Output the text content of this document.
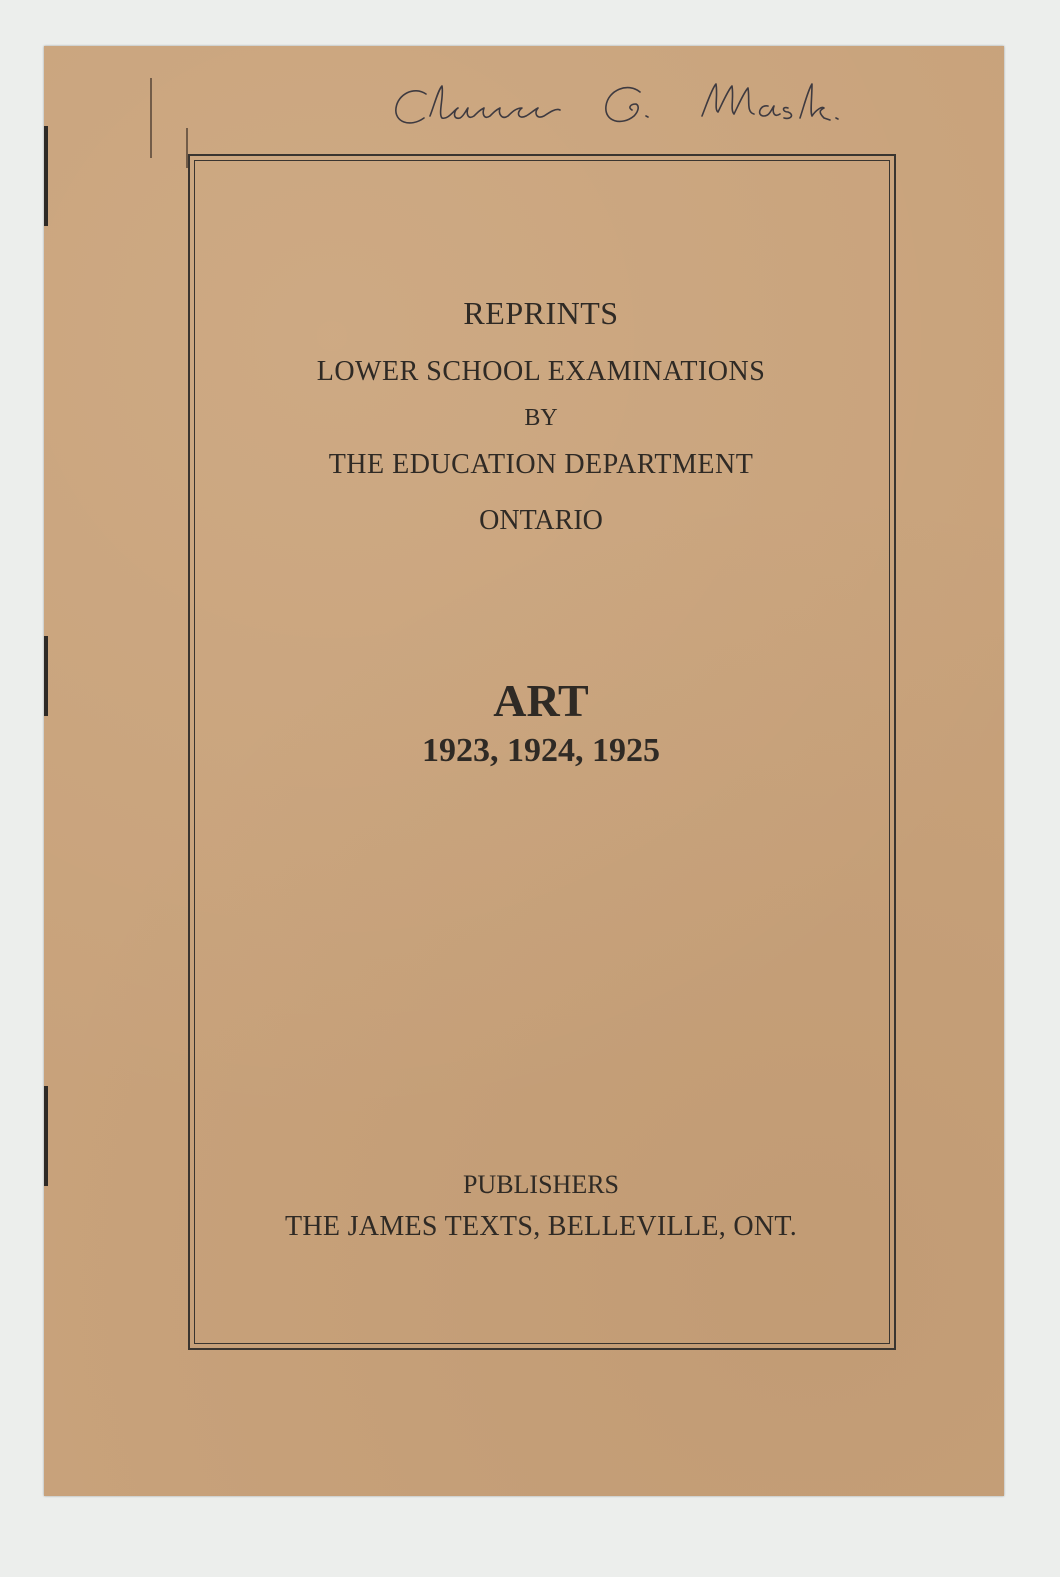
REPRINTS
LOWER SCHOOL EXAMINATIONS
BY
THE EDUCATION DEPARTMENT
ONTARIO
ART
1923, 1924, 1925
PUBLISHERS
THE JAMES TEXTS, BELLEVILLE, ONT.
